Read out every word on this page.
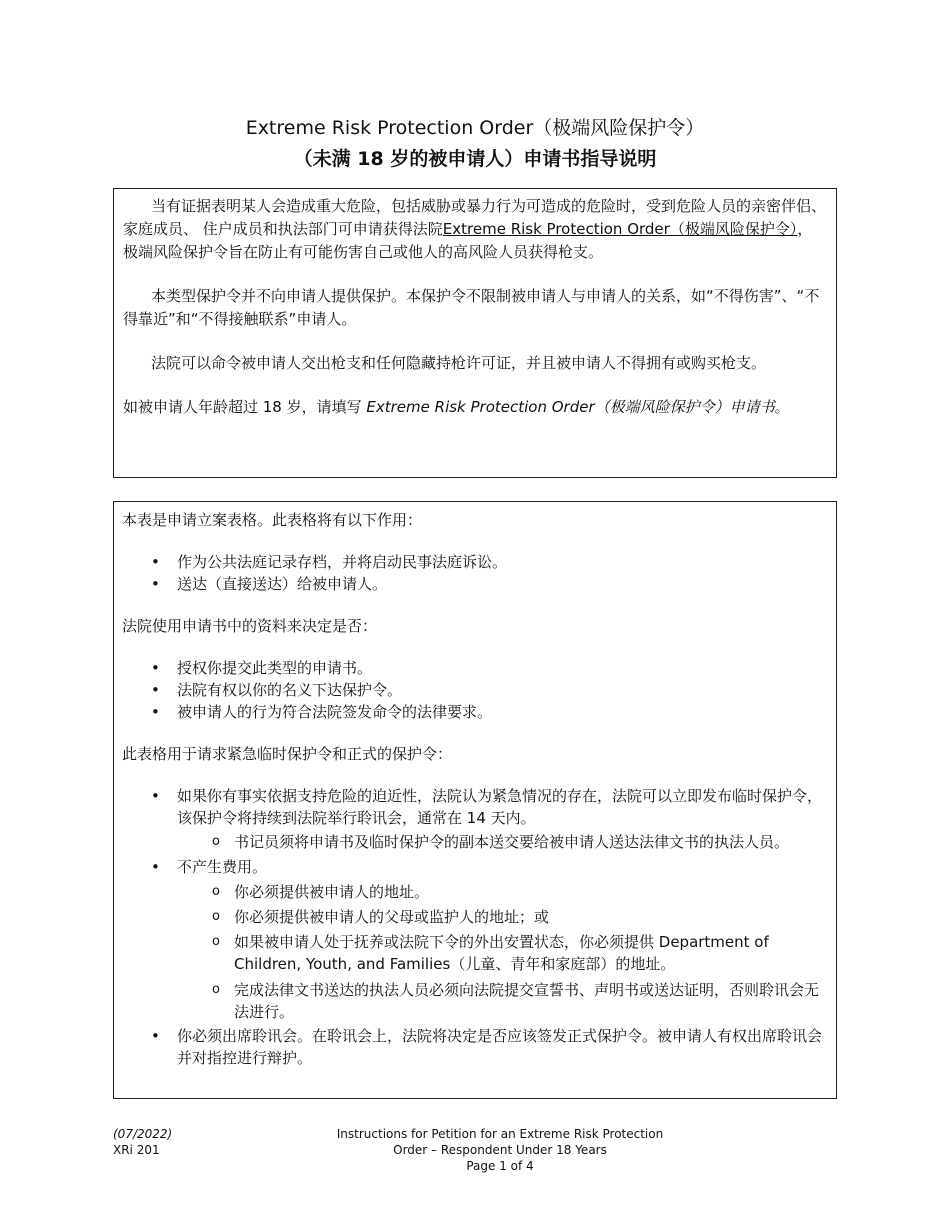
Extreme Risk Protection Order（极端风险保护令）
（未满 18 岁的被申请人）申请书指导说明

当有证据表明某人会造成重大危险，包括威胁或暴力行为可造成的危险时，受到危险人员的亲密伴侣、家庭成员、 住户成员和执法部门可申请获得法院Extreme Risk Protection Order（极端风险保护令），极端风险保护令旨在防止有可能伤害自己或他人的高风险人员获得枪支。

本类型保护令并不向申请人提供保护。本保护令不限制被申请人与申请人的关系，如“不得伤害”、“不得靠近”和“不得接触联系”申请人。

法院可以命令被申请人交出枪支和任何隐藏持枪许可证，并且被申请人不得拥有或购买枪支。

如被申请人年龄超过 18 岁，请填写 Extreme Risk Protection Order（极端风险保护令）申请书。

本表是申请立案表格。此表格将有以下作用：

• 作为公共法庭记录存档，并将启动民事法庭诉讼。
• 送达（直接送达）给被申请人。

法院使用申请书中的资料来决定是否：

• 授权你提交此类型的申请书。
• 法院有权以你的名义下达保护令。
• 被申请人的行为符合法院签发命令的法律要求。

此表格用于请求紧急临时保护令和正式的保护令：

• 如果你有事实依据支持危险的迫近性，法院认为紧急情况的存在，法院可以立即发布临时保护令，该保护令将持续到法院举行聆讯会，通常在 14 天内。
o 书记员须将申请书及临时保护令的副本送交要给被申请人送达法律文书的执法人员。
• 不产生费用。
o 你必须提供被申请人的地址。
o 你必须提供被申请人的父母或监护人的地址；或
o 如果被申请人处于抚养或法院下令的外出安置状态，你必须提供 Department of Children, Youth, and Families（儿童、青年和家庭部）的地址。
o 完成法律文书送达的执法人员必须向法院提交宣誓书、声明书或送达证明，否则聆讯会无法进行。
• 你必须出席聆讯会。在聆讯会上，法院将决定是否应该签发正式保护令。被申请人有权出席聆讯会并对指控进行辩护。
(07/2022)
XRi 201
Instructions for Petition for an Extreme Risk Protection
Order – Respondent Under 18 Years
Page 1 of 4
